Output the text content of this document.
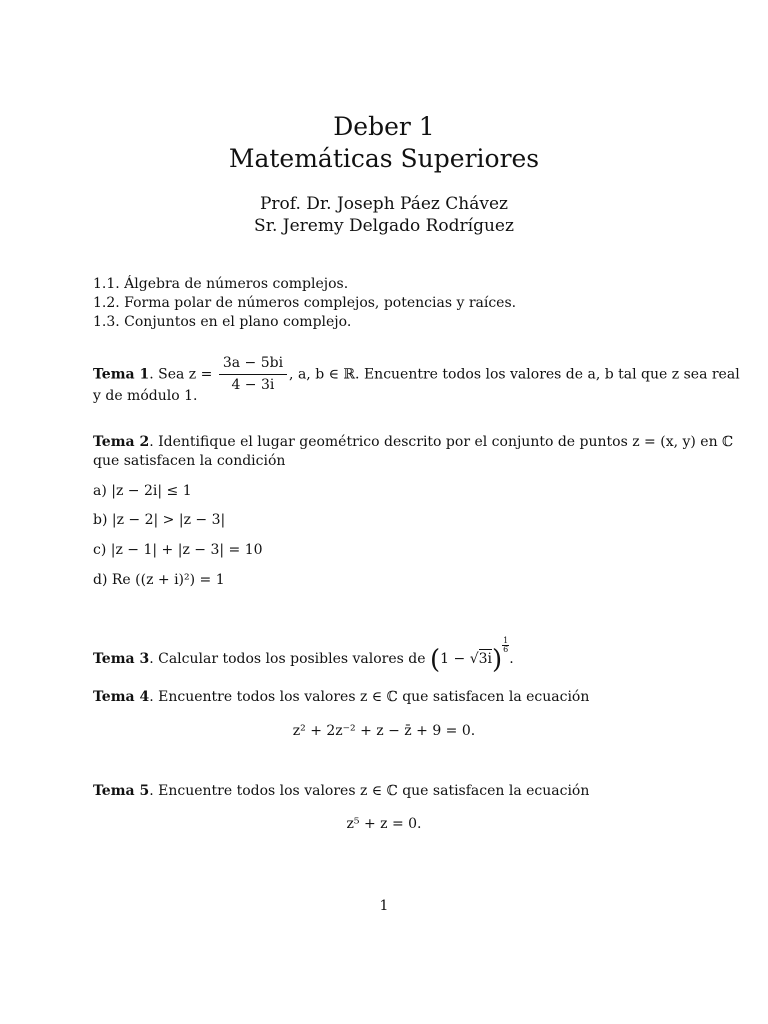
Deber 1
Matemáticas Superiores
Prof. Dr. Joseph Páez Chávez
Sr. Jeremy Delgado Rodríguez
1.1. Álgebra de números complejos.
1.2. Forma polar de números complejos, potencias y raíces.
1.3. Conjuntos en el plano complejo.
Tema 1. Sea $z = \frac{3a - 5bi}{4 - 3i}$ , a, b ∈ ℝ. Encuentre todos los valores de a, b tal que z sea real
y de módulo 1.
Tema 2. Identifique el lugar geométrico descrito por el conjunto de puntos z = (x, y) en ℂ
que satisfacen la condición
a) |z − 2i| ≤ 1
b) |z − 2| > |z − 3|
c) |z − 1| + |z − 3| = 10
d) Re ((z + i)²) = 1
Tema 3. Calcular todos los posibles valores de $(1 - √3i) \frac{1}{6}$
.
Tema 4. Encuentre todos los valores z ∈ ℂ que satisfacen la ecuación
z² + 2z⁻² + z − z̄ + 9 = 0.
Tema 5. Encuentre todos los valores z ∈ ℂ que satisfacen la ecuación
z⁵ + z = 0.
1
